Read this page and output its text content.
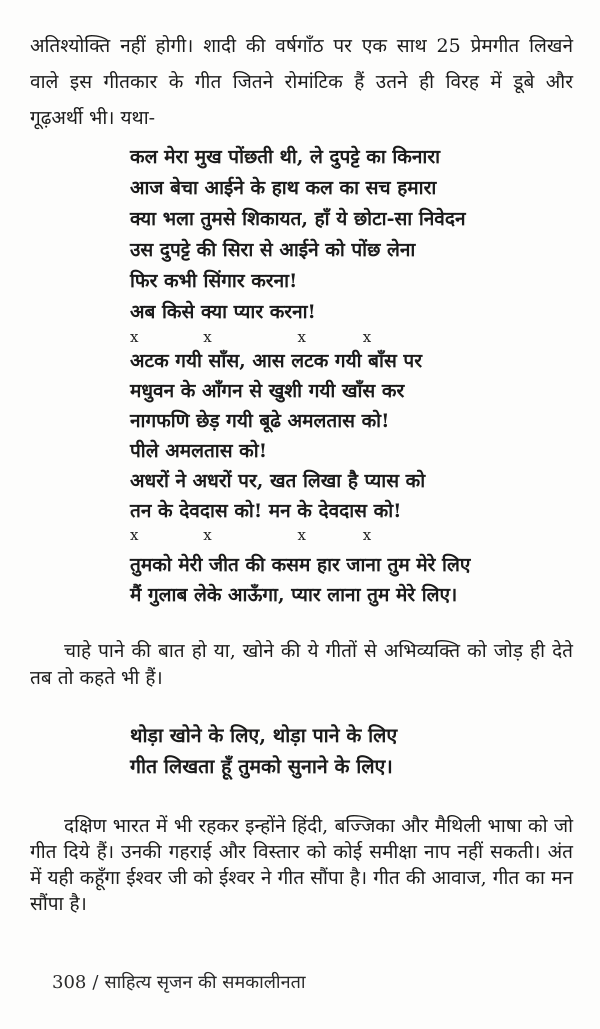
अतिश्योक्ति नहीं होगी। शादी की वर्षगाँठ पर एक साथ 25 प्रेमगीत लिखने
वाले इस गीतकार के गीत जितने रोमांटिक हैं उतने ही विरह में डूबे और
गूढ़अर्थी भी। यथा-
कल मेरा मुख पोंछती थी, ले दुपट्टे का किनारा
आज बेचा आईने के हाथ कल का सच हमारा
क्या भला तुमसे शिकायत, हाँ ये छोटा-सा निवेदन
उस दुपट्टे की सिरा से आईने को पोंछ लेना
फिर कभी सिंगार करना!
अब किसे क्या प्यार करना!
x	x	x	x
अटक गयी साँस, आस लटक गयी बाँस पर
मधुवन के आँगन से खुशी गयी खाँस कर
नागफणि छेड़ गयी बूढे अमलतास को!
पीले अमलतास को!
अधरों ने अधरों पर, खत लिखा है प्यास को
तन के देवदास को! मन के देवदास को!
x	x	x	x
तुमको मेरी जीत की कसम हार जाना तुम मेरे लिए
मैं गुलाब लेके आऊँगा, प्यार लाना तुम मेरे लिए।
चाहे पाने की बात हो या, खोने की ये गीतों से अभिव्यक्ति को जोड़ ही देते
तब तो कहते भी हैं।
थोड़ा खोने के लिए, थोड़ा पाने के लिए
गीत लिखता हूँ तुमको सुनाने के लिए।
दक्षिण भारत में भी रहकर इन्होंने हिंदी, बज्जिका और मैथिली भाषा को जो
गीत दिये हैं। उनकी गहराई और विस्तार को कोई समीक्षा नाप नहीं सकती। अंत
में यही कहूँगा ईश्वर जी को ईश्वर ने गीत सौंपा है। गीत की आवाज, गीत का मन
सौंपा है।
308 / साहित्य सृजन की समकालीनता
